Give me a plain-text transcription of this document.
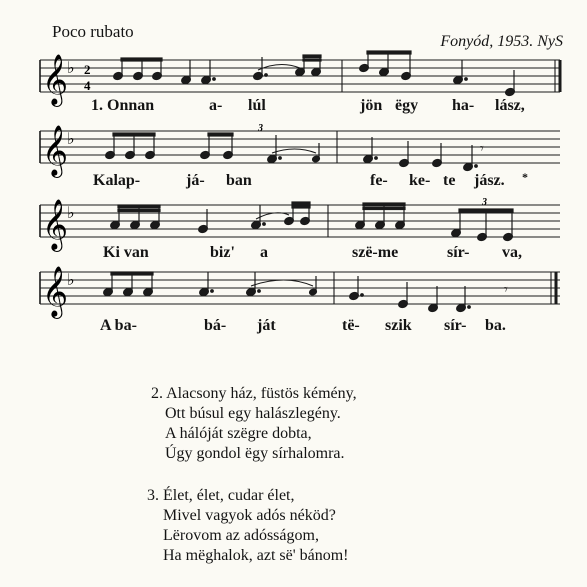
Poco rubato
Fonyód, 1953. NyS
𝄞
♭ 2
4
1. Onnan	a- lúl	jön ëgy ha- lász,
𝄞
♭
𝄾
3
Kalap-	já- ban	fe- ke- te jász. *
𝄞
♭
3
Ki van	biz' a	szë-me	sír- va,
𝄞
♭
𝄾
A ba-	bá- ját	të- szik sír- ba.
2. Alacsony ház, füstös kémény,
Ott búsul egy halászlegény.
A hálóját szëgre dobta,
Úgy gondol ëgy sírhalomra.
3. Élet, élet, cudar élet,
Mivel vagyok adós néköd?
Lërovom az adósságom,
Ha mëghalok, azt së' bánom!
